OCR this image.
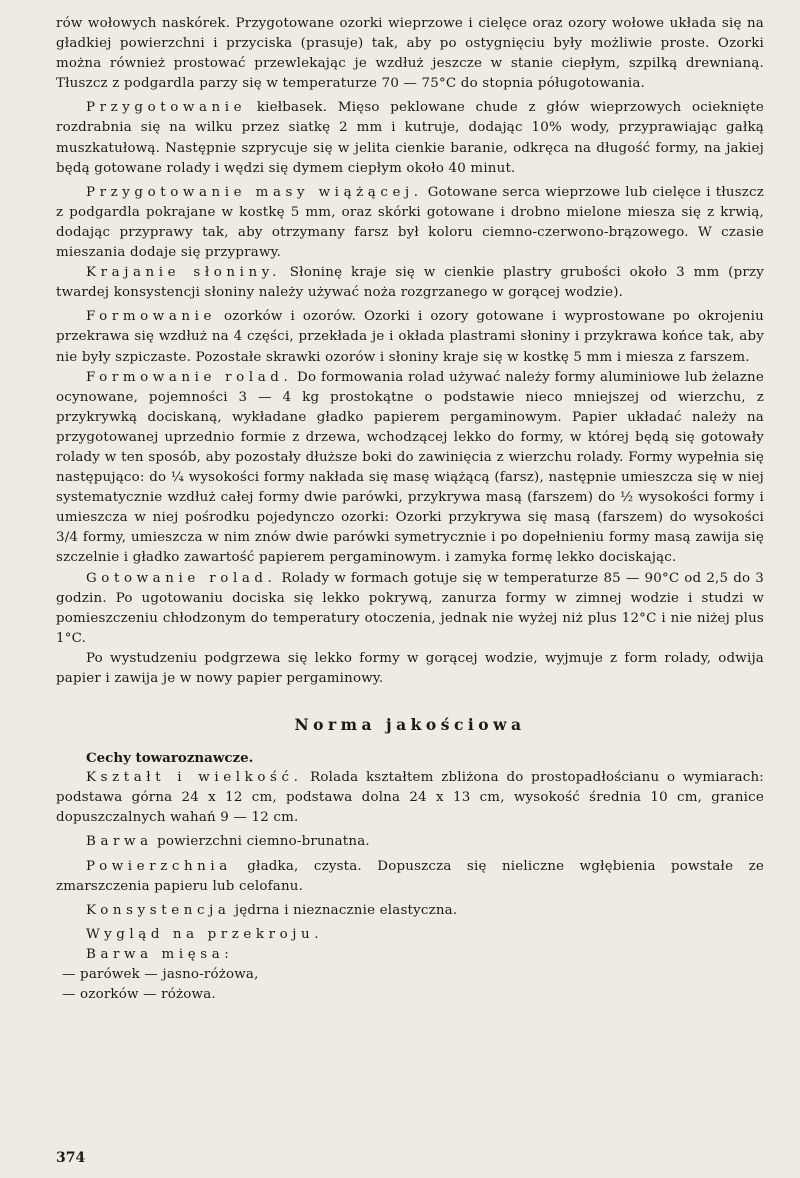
rów wołowych naskórek. Przygotowane ozorki wieprzowe i cielęce oraz ozory wołowe układa się na gładkiej powierzchni i przyciska (prasuje) tak, aby po ostygnięciu były możliwie proste. Ozorki można również prostować przewlekając je wzdłuż jeszcze w stanie ciepłym, szpilką drewnianą. Tłuszcz z podgardla parzy się w temperaturze 70 — 75°C do stopnia póługotowania.

Przygotowanie kiełbasek. Mięso peklowane chude z głów wieprzowych ocieknięte rozdrabnia się na wilku przez siatkę 2 mm i kutruje, dodając 10% wody, przyprawiając gałką muszkatułową. Następnie szprycuje się w jelita cienkie baranie, odkręca na długość formy, na jakiej będą gotowane rolady i wędzi się dymem ciepłym około 40 minut.

Przygotowanie masy wiążącej. Gotowane serca wieprzowe lub cielęce i tłuszcz z podgardla pokrajane w kostkę 5 mm, oraz skórki gotowane i drobno mielone miesza się z krwią, dodając przyprawy tak, aby otrzymany farsz był koloru ciemno-czerwono-brązowego. W czasie mieszania dodaje się przyprawy.

Krajanie słoniny. Słoninę kraje się w cienkie plastry grubości około 3 mm (przy twardej konsystencji słoniny należy używać noża rozgrzanego w gorącej wodzie).

Formowanie ozorków i ozorów. Ozorki i ozory gotowane i wyprostowane po okrojeniu przekrawa się wzdłuż na 4 części, przekłada je i okłada plastrami słoniny i przykrawa końce tak, aby nie były szpiczaste. Pozostałe skrawki ozorów i słoniny kraje się w kostkę 5 mm i miesza z farszem.

Formowanie rolad. Do formowania rolad używać należy formy aluminiowe lub żelazne ocynowane, pojemności 3 — 4 kg prostokątne o podstawie nieco mniejszej od wierzchu, z przykrywką dociskaną, wykładane gładko papierem pergaminowym. Papier układać należy na przygotowanej uprzednio formie z drzewa, wchodzącej lekko do formy, w której będą się gotowały rolady w ten sposób, aby pozostały dłuższe boki do zawinięcia z wierzchu rolady. Formy wypełnia się następująco: do ¼ wysokości formy nakłada się masę wiążącą (farsz), następnie umieszcza się w niej systematycznie wzdłuż całej formy dwie parówki, przykrywa masą (farszem) do ½ wysokości formy i umieszcza w niej pośrodku pojedynczo ozorki: Ozorki przykrywa się masą (farszem) do wysokości 3/4 formy, umieszcza w nim znów dwie parówki symetrycznie i po dopełnieniu formy masą zawija się szczelnie i gładko zawartość papierem pergaminowym. i zamyka formę lekko dociskając.

Gotowanie rolad. Rolady w formach gotuje się w temperaturze 85 — 90°C od 2,5 do 3 godzin. Po ugotowaniu dociska się lekko pokrywą, zanurza formy w zimnej wodzie i studzi w pomieszczeniu chłodzonym do temperatury otoczenia, jednak nie wyżej niż plus 12°C i nie niżej plus 1°C.

Po wystudzeniu podgrzewa się lekko formy w gorącej wodzie, wyjmuje z form rolady, odwija papier i zawija je w nowy papier pergaminowy.

Norma jakościowa
Cechy towaroznawcze.

Kształt i wielkość. Rolada kształtem zbliżona do prostopadłościanu o wymiarach: podstawa górna 24 x 12 cm, podstawa dolna 24 x 13 cm, wysokość średnia 10 cm, granice dopuszczalnych wahań 9 — 12 cm.

Barwa powierzchni ciemno-brunatna.

Powierzchnia gładka, czysta. Dopuszcza się nieliczne wgłębienia powstałe ze zmarszczenia papieru lub celofanu.

Konsystencja jędrna i nieznacznie elastyczna.

Wygląd na przekroju.

Barwa mięsa:

— parówek — jasno-różowa,

— ozorków — różowa.

374
